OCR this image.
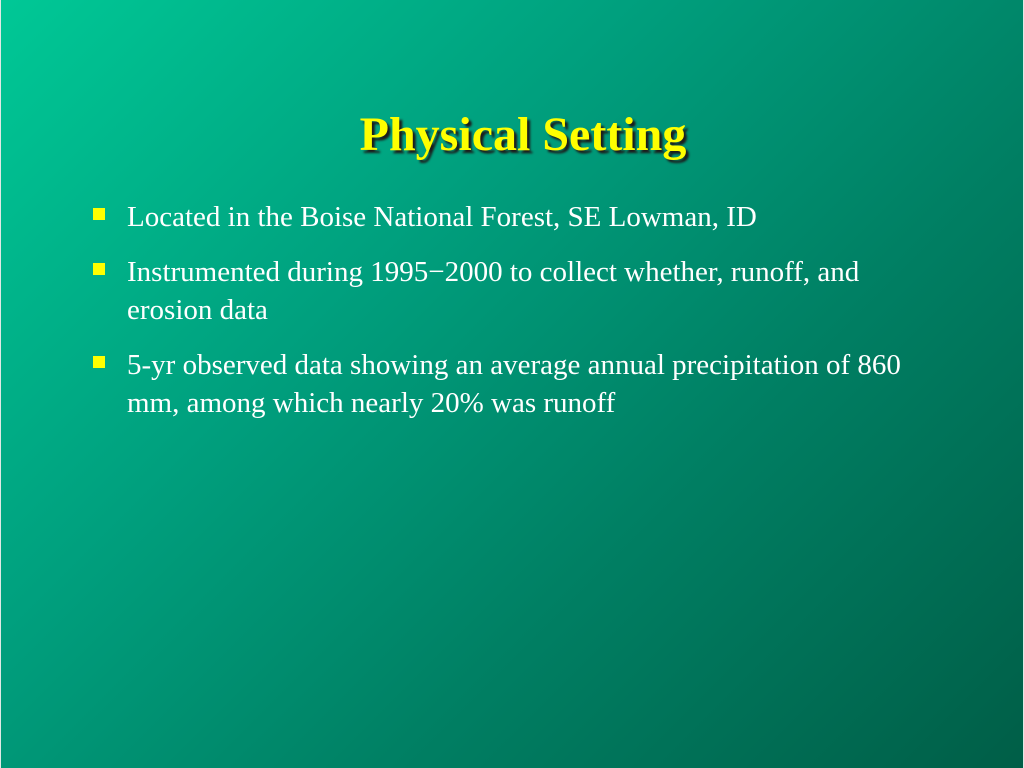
Physical Setting
Located in the Boise National Forest, SE Lowman, ID
Instrumented during 1995−2000 to collect whether, runoff, and erosion data
5-yr observed data showing an average annual precipitation of 860 mm, among which nearly 20% was runoff
